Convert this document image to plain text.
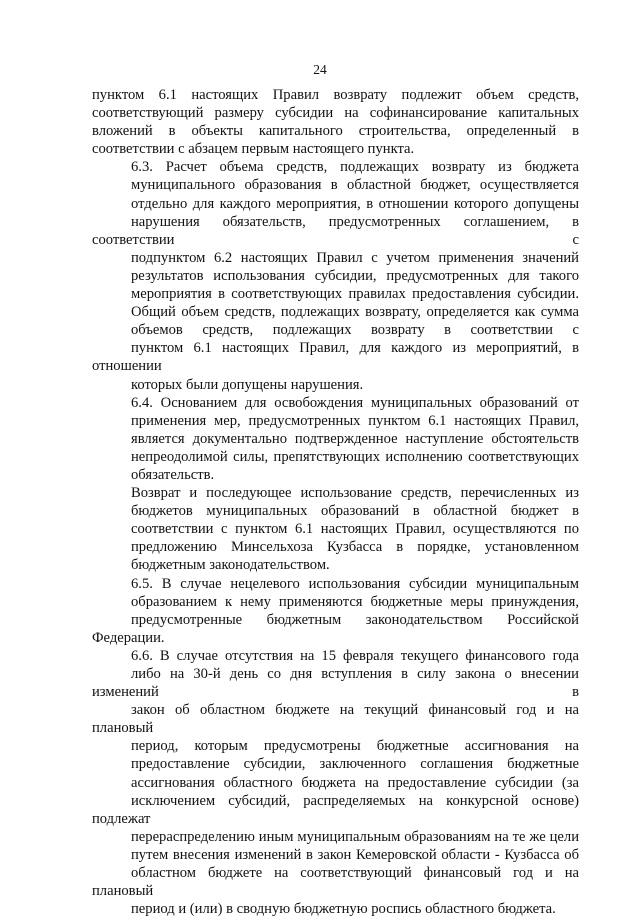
24

пунктом 6.1 настоящих Правил возврату подлежит объем средств,
соответствующий размеру субсидии на софинансирование капитальных
вложений в объекты капитального строительства, определенный в
соответствии с абзацем первым настоящего пункта.

6.3. Расчет объема средств, подлежащих возврату из бюджета
муниципального образования в областной бюджет, осуществляется
отдельно для каждого мероприятия, в отношении которого допущены
нарушения обязательств, предусмотренных соглашением, в соответствии с
подпунктом 6.2 настоящих Правил с учетом применения значений
результатов использования субсидии, предусмотренных для такого
мероприятия в соответствующих правилах предоставления субсидии.
Общий объем средств, подлежащих возврату, определяется как сумма
объемов средств, подлежащих возврату в соответствии с
пунктом 6.1 настоящих Правил, для каждого из мероприятий, в отношении
которых были допущены нарушения.

6.4. Основанием для освобождения муниципальных образований от
применения мер, предусмотренных пунктом 6.1 настоящих Правил,
является документально подтвержденное наступление обстоятельств
непреодолимой силы, препятствующих исполнению соответствующих
обязательств.

Возврат и последующее использование средств, перечисленных из
бюджетов муниципальных образований в областной бюджет в
соответствии с пунктом 6.1 настоящих Правил, осуществляются по
предложению Минсельхоза Кузбасса в порядке, установленном
бюджетным законодательством.

6.5. В случае нецелевого использования субсидии муниципальным
образованием к нему применяются бюджетные меры принуждения,
предусмотренные бюджетным законодательством Российской Федерации.

6.6. В случае отсутствия на 15 февраля текущего финансового года
либо на 30-й день со дня вступления в силу закона о внесении изменений в
закон об областном бюджете на текущий финансовый год и на плановый
период, которым предусмотрены бюджетные ассигнования на
предоставление субсидии, заключенного соглашения бюджетные
ассигнования областного бюджета на предоставление субсидии (за
исключением субсидий, распределяемых на конкурсной основе) подлежат
перераспределению иным муниципальным образованиям на те же цели
путем внесения изменений в закон Кемеровской области - Кузбасса об
областном бюджете на соответствующий финансовый год и на плановый
период и (или) в сводную бюджетную роспись областного бюджета.
